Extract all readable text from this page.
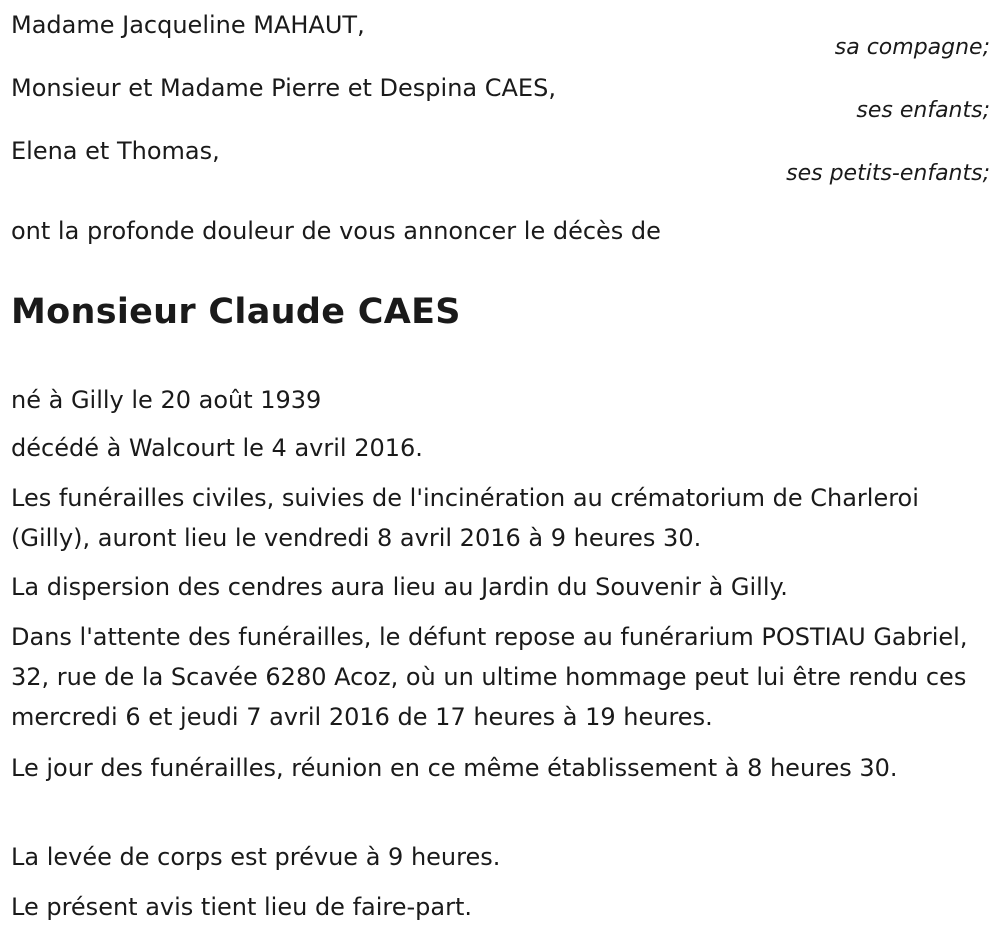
Madame Jacqueline MAHAUT,

sa compagne;

Monsieur et Madame Pierre et Despina CAES,

ses enfants;

Elena et Thomas,

ses petits-enfants;

ont la profonde douleur de vous annoncer le décès de

Monsieur Claude CAES

né à Gilly le 20 août 1939

décédé à Walcourt le 4 avril 2016.

Les funérailles civiles, suivies de l'incinération au crématorium de Charleroi (Gilly), auront lieu le vendredi 8 avril 2016 à 9 heures 30.

La dispersion des cendres aura lieu au Jardin du Souvenir à Gilly.

Dans l'attente des funérailles, le défunt repose au funérarium POSTIAU Gabriel, 32, rue de la Scavée 6280 Acoz, où un ultime hommage peut lui être rendu ces mercredi 6 et jeudi 7 avril 2016 de 17 heures à 19 heures.

Le jour des funérailles, réunion en ce même établissement à 8 heures 30.

La levée de corps est prévue à 9 heures.

Le présent avis tient lieu de faire-part.
